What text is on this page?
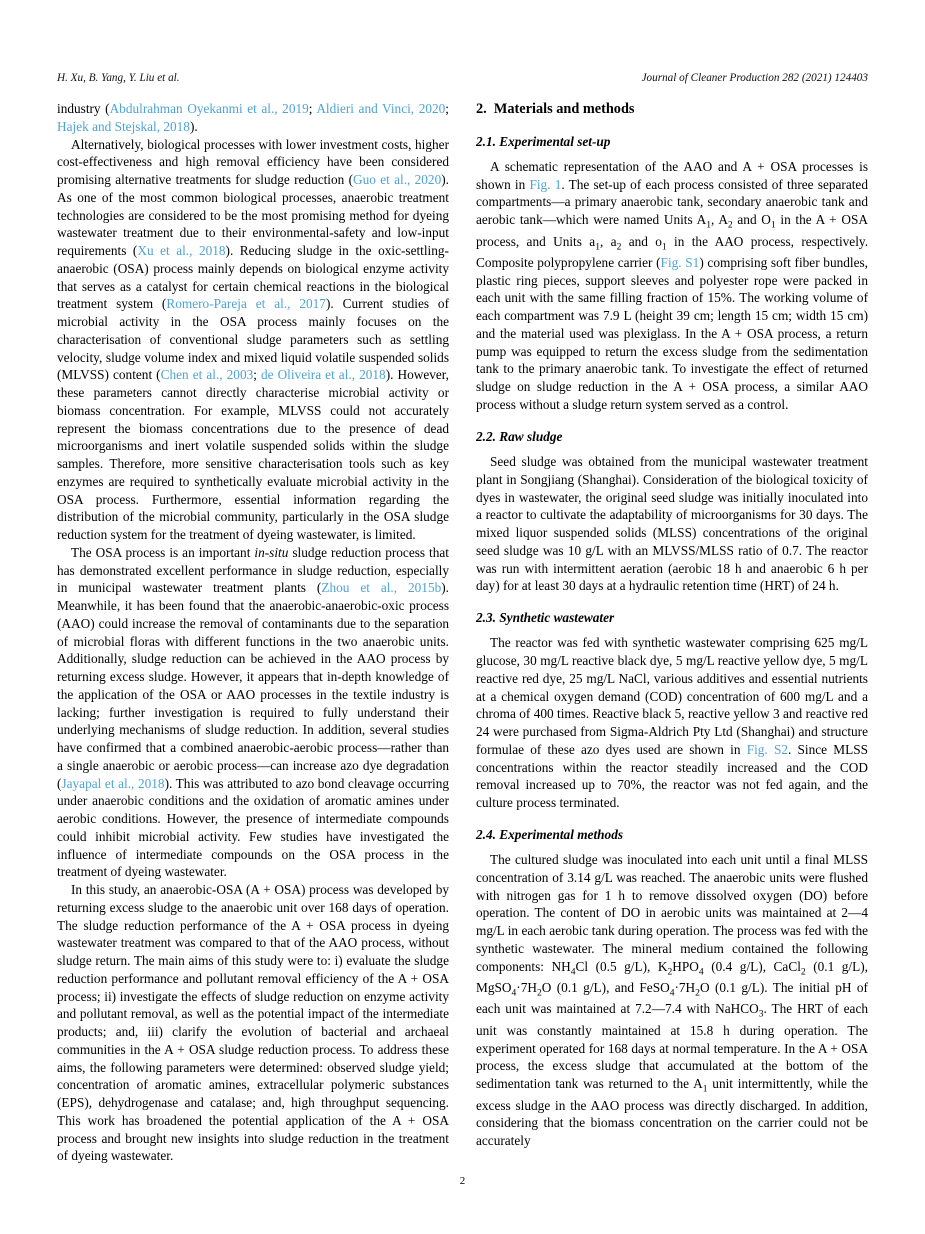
H. Xu, B. Yang, Y. Liu et al.	Journal of Cleaner Production 282 (2021) 124403

industry (Abdulrahman Oyekanmi et al., 2019; Aldieri and Vinci, 2020; Hajek and Stejskal, 2018).

Alternatively, biological processes with lower investment costs, higher cost-effectiveness and high removal efficiency have been considered promising alternative treatments for sludge reduction (Guo et al., 2020). As one of the most common biological processes, anaerobic treatment technologies are considered to be the most promising method for dyeing wastewater treatment due to their environmental-safety and low-input requirements (Xu et al., 2018). Reducing sludge in the oxic-settling-anaerobic (OSA) process mainly depends on biological enzyme activity that serves as a catalyst for certain chemical reactions in the biological treatment system (Romero-Pareja et al., 2017). Current studies of microbial activity in the OSA process mainly focuses on the characterisation of conventional sludge parameters such as settling velocity, sludge volume index and mixed liquid volatile suspended solids (MLVSS) content (Chen et al., 2003; de Oliveira et al., 2018). However, these parameters cannot directly characterise microbial activity or biomass concentration. For example, MLVSS could not accurately represent the biomass concentrations due to the presence of dead microorganisms and inert volatile suspended solids within the sludge samples. Therefore, more sensitive characterisation tools such as key enzymes are required to synthetically evaluate microbial activity in the OSA process. Furthermore, essential information regarding the distribution of the microbial community, particularly in the OSA sludge reduction system for the treatment of dyeing wastewater, is limited.

The OSA process is an important in-situ sludge reduction process that has demonstrated excellent performance in sludge reduction, especially in municipal wastewater treatment plants (Zhou et al., 2015b). Meanwhile, it has been found that the anaerobic-anaerobic-oxic process (AAO) could increase the removal of contaminants due to the separation of microbial floras with different functions in the two anaerobic units. Additionally, sludge reduction can be achieved in the AAO process by returning excess sludge. However, it appears that in-depth knowledge of the application of the OSA or AAO processes in the textile industry is lacking; further investigation is required to fully understand their underlying mechanisms of sludge reduction. In addition, several studies have confirmed that a combined anaerobic-aerobic process—rather than a single anaerobic or aerobic process—can increase azo dye degradation (Jayapal et al., 2018). This was attributed to azo bond cleavage occurring under anaerobic conditions and the oxidation of aromatic amines under aerobic conditions. However, the presence of intermediate compounds could inhibit microbial activity. Few studies have investigated the influence of intermediate compounds on the OSA process in the treatment of dyeing wastewater.

In this study, an anaerobic-OSA (A + OSA) process was developed by returning excess sludge to the anaerobic unit over 168 days of operation. The sludge reduction performance of the A + OSA process in dyeing wastewater treatment was compared to that of the AAO process, without sludge return. The main aims of this study were to: i) evaluate the sludge reduction performance and pollutant removal efficiency of the A + OSA process; ii) investigate the effects of sludge reduction on enzyme activity and pollutant removal, as well as the potential impact of the intermediate products; and, iii) clarify the evolution of bacterial and archaeal communities in the A + OSA sludge reduction process. To address these aims, the following parameters were determined: observed sludge yield; concentration of aromatic amines, extracellular polymeric substances (EPS), dehydrogenase and catalase; and, high throughput sequencing. This work has broadened the potential application of the A + OSA process and brought new insights into sludge reduction in the treatment of dyeing wastewater.

2. Materials and methods
2.1. Experimental set-up

A schematic representation of the AAO and A + OSA processes is shown in Fig. 1. The set-up of each process consisted of three separated compartments—a primary anaerobic tank, secondary anaerobic tank and aerobic tank—which were named Units $A_1$, $A_2$ and $O_1$ in the A + OSA process, and Units $a_1$, $a_2$ and $o_1$ in the AAO process, respectively. Composite polypropylene carrier (Fig. S1) comprising soft fiber bundles, plastic ring pieces, support sleeves and polyester rope were packed in each unit with the same filling fraction of 15%. The working volume of each compartment was 7.9 L (height 39 cm; length 15 cm; width 15 cm) and the material used was plexiglass. In the A + OSA process, a return pump was equipped to return the excess sludge from the sedimentation tank to the primary anaerobic tank. To investigate the effect of returned sludge on sludge reduction in the A + OSA process, a similar AAO process without a sludge return system served as a control.

2.2. Raw sludge

Seed sludge was obtained from the municipal wastewater treatment plant in Songjiang (Shanghai). Consideration of the biological toxicity of dyes in wastewater, the original seed sludge was initially inoculated into a reactor to cultivate the adaptability of microorganisms for 30 days. The mixed liquor suspended solids (MLSS) concentrations of the original seed sludge was 10 g/L with an MLVSS/MLSS ratio of 0.7. The reactor was run with intermittent aeration (aerobic 18 h and anaerobic 6 h per day) for at least 30 days at a hydraulic retention time (HRT) of 24 h.

2.3. Synthetic wastewater

The reactor was fed with synthetic wastewater comprising 625 mg/L glucose, 30 mg/L reactive black dye, 5 mg/L reactive yellow dye, 5 mg/L reactive red dye, 25 mg/L NaCl, various additives and essential nutrients at a chemical oxygen demand (COD) concentration of 600 mg/L and a chroma of 400 times. Reactive black 5, reactive yellow 3 and reactive red 24 were purchased from Sigma-Aldrich Pty Ltd (Shanghai) and structure formulae of these azo dyes used are shown in Fig. S2. Since MLSS concentrations within the reactor steadily increased and the COD removal increased up to 70%, the reactor was not fed again, and the culture process terminated.

2.4. Experimental methods

The cultured sludge was inoculated into each unit until a final MLSS concentration of 3.14 g/L was reached. The anaerobic units were flushed with nitrogen gas for 1 h to remove dissolved oxygen (DO) before operation. The content of DO in aerobic units was maintained at 2—4 mg/L in each aerobic tank during operation. The process was fed with the synthetic wastewater. The mineral medium contained the following components: $NH_4Cl$ (0.5 g/L), $K_2HPO_4$ (0.4 g/L), CaCl$_2$ (0.1 g/L), $MgSO_4\cdot 7H_2O$ (0.1 g/L), and $FeSO_4\cdot 7H_2O$ (0.1 g/L). The initial pH of each unit was maintained at 7.2—7.4 with NaHCO$_3$. The HRT of each unit was constantly maintained at 15.8 h during operation. The experiment operated for 168 days at normal temperature. In the A + OSA process, the excess sludge that accumulated at the bottom of the sedimentation tank was returned to the $A_1$ unit intermittently, while the excess sludge in the AAO process was directly discharged. In addition, considering that the biomass concentration on the carrier could not be accurately

2
